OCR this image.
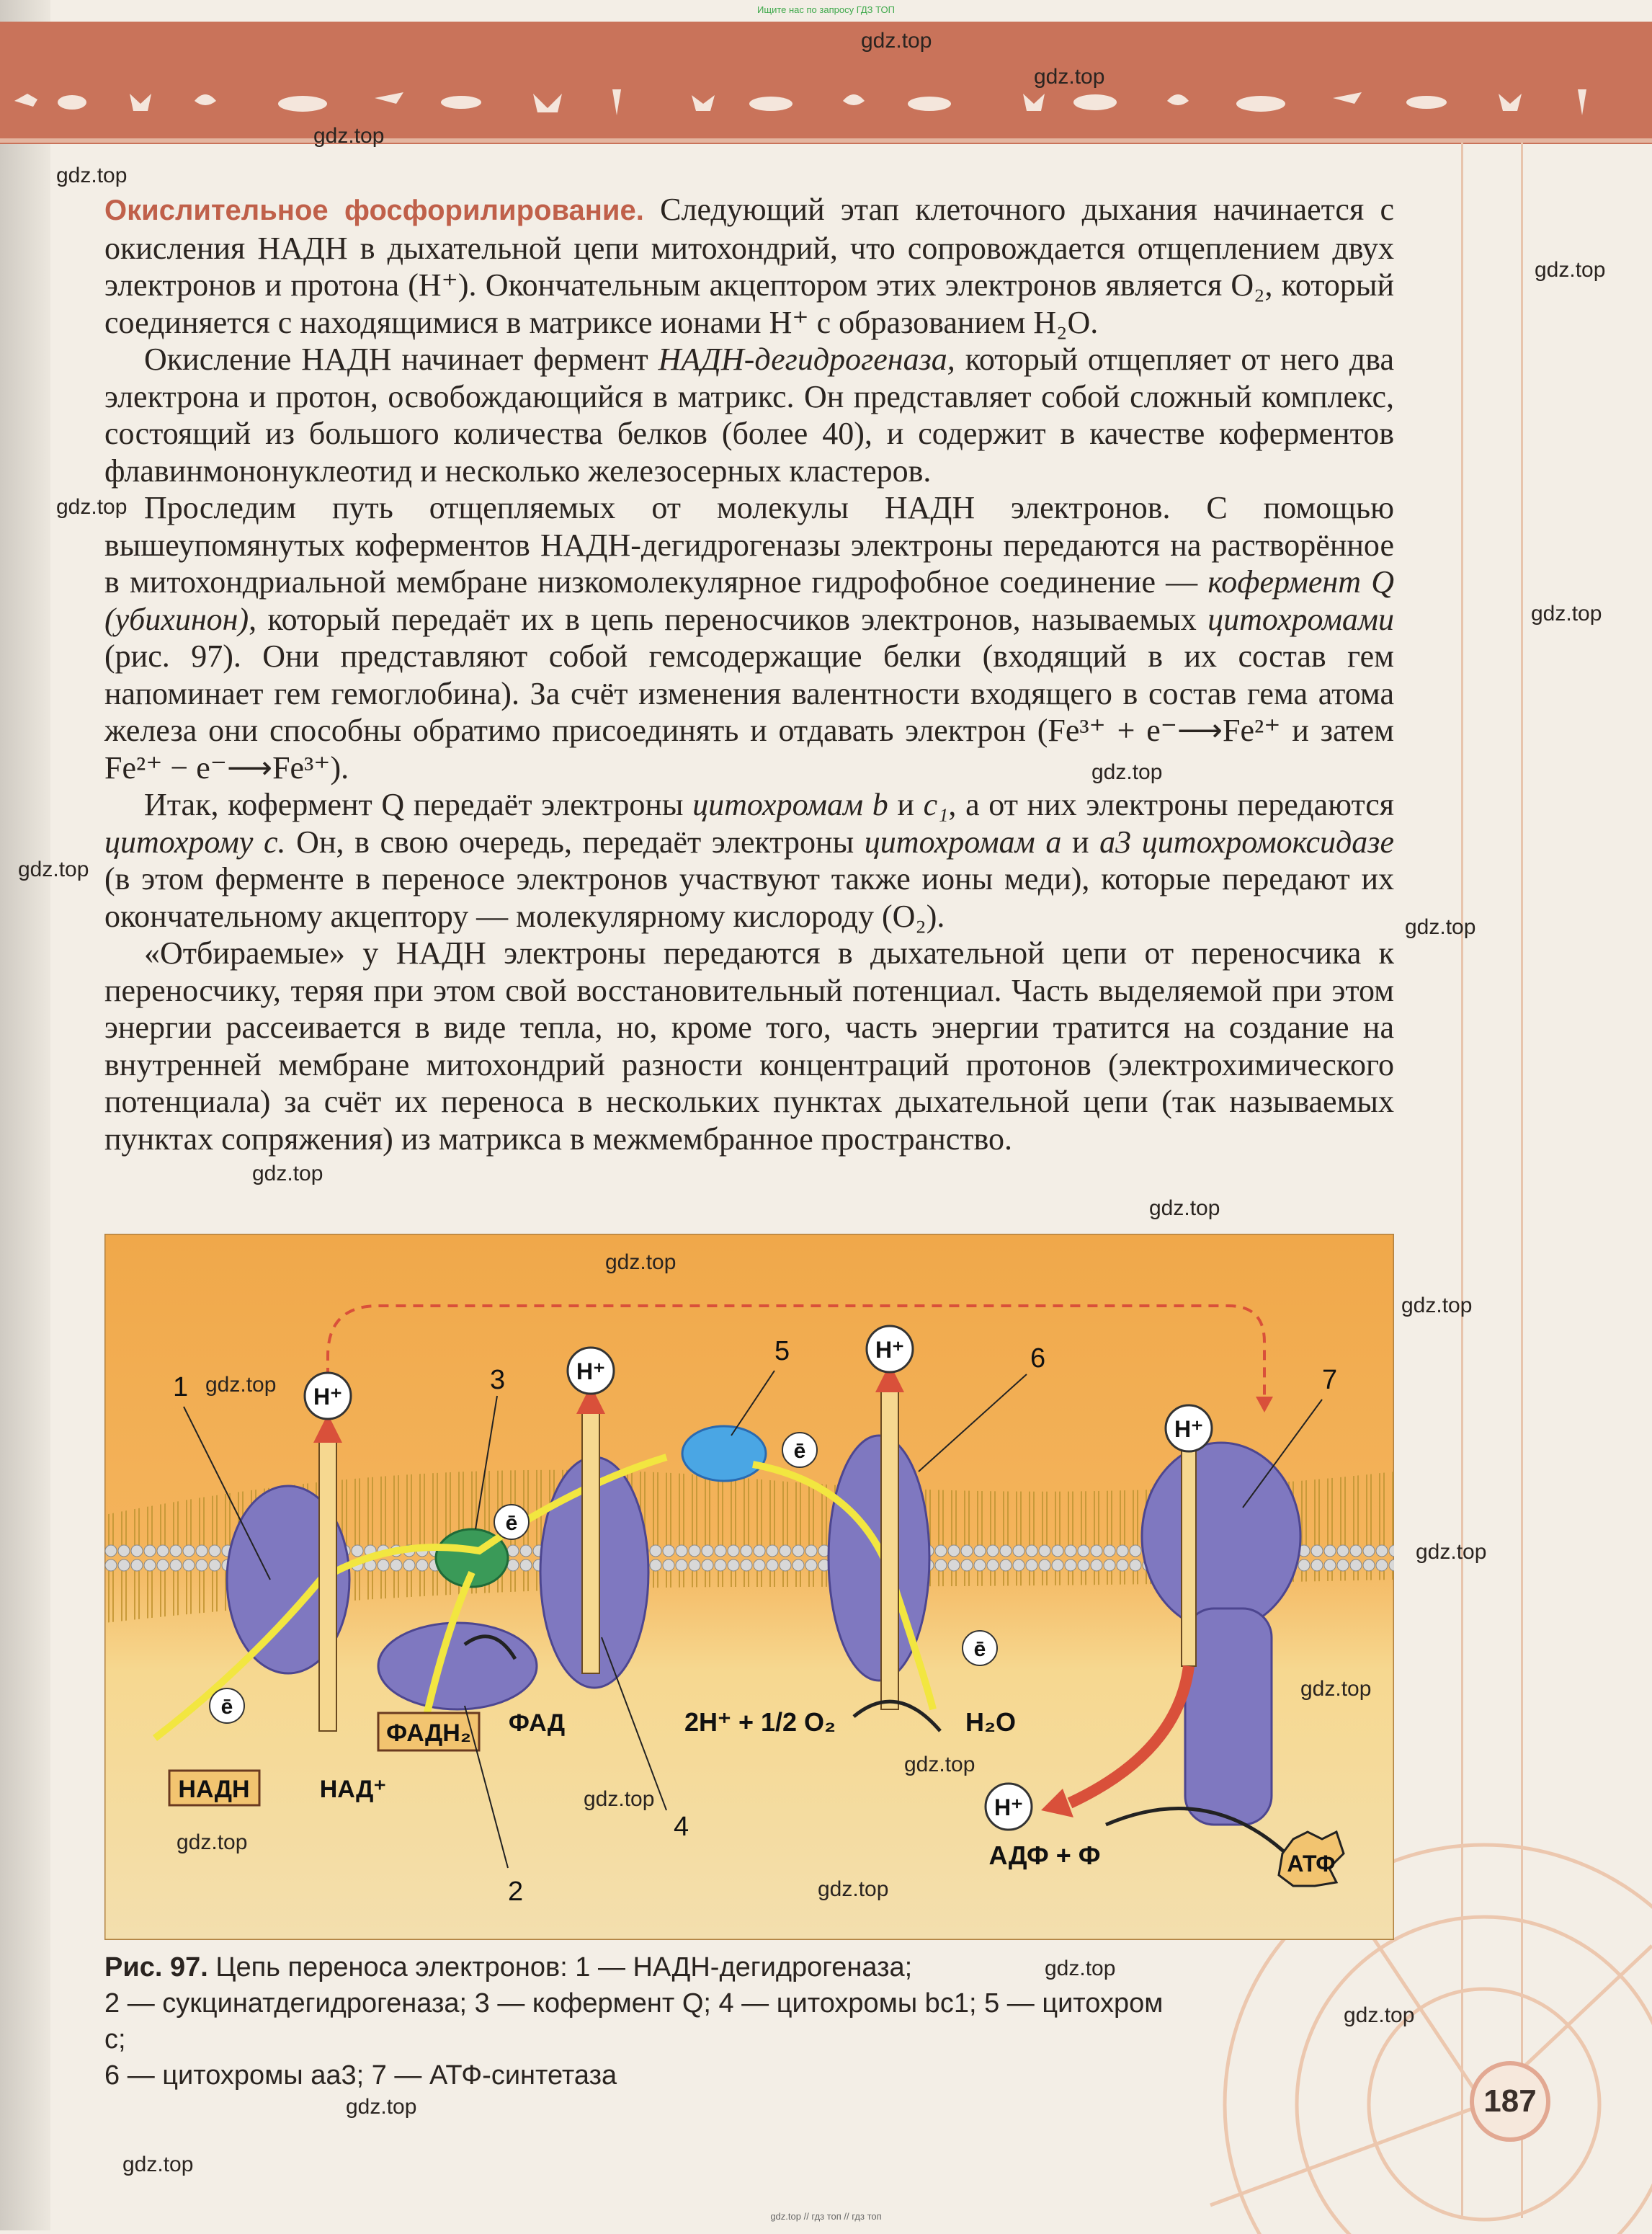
Ищите нас по запросу ГДЗ ТОП

Окислительное фосфорилирование. Следующий этап клеточного дыхания начинается с окисления НАДН в дыхательной цепи митохондрий, что сопровождается отщеплением двух электронов и протона (H⁺). Окончательным акцептором этих электронов является O₂, который соединяется с находящимися в матриксе ионами H⁺ с образованием H₂O.

Окисление НАДН начинает фермент НАДН-дегидрогеназа, который отщепляет от него два электрона и протон, освобождающийся в матрикс. Он представляет собой сложный комплекс, состоящий из большого количества белков (более 40), и содержит в качестве коферментов флавинмононуклеотид и несколько железосерных кластеров.

Проследим путь отщепляемых от молекулы НАДН электронов. С помощью вышеупомянутых коферментов НАДН-дегидрогеназы электроны передаются на растворённое в митохондриальной мембране низкомолекулярное гидрофобное соединение — кофермент Q (убихинон), который передаёт их в цепь переносчиков электронов, называемых цитохромами (рис. 97). Они представляют собой гемсодержащие белки (входящий в их состав гем напоминает гем гемоглобина). За счёт изменения валентности входящего в состав гема атома железа они способны обратимо присоединять и отдавать электрон (Fe³⁺ + e⁻⟶Fe²⁺ и затем Fe²⁺ − e⁻⟶Fe³⁺).

Итак, кофермент Q передаёт электроны цитохромам b и c₁, а от них электроны передаются цитохрому c. Он, в свою очередь, передаёт электроны цитохромам a и a3 цитохромоксидазе (в этом ферменте в переносе электронов участвуют также ионы меди), которые передают их окончательному акцептору — молекулярному кислороду (O₂).

«Отбираемые» у НАДН электроны передаются в дыхательной цепи от переносчика к переносчику, теряя при этом свой восстановительный потенциал. Часть выделяемой при этом энергии рассеивается в виде тепла, но, кроме того, часть энергии тратится на создание на внутренней мембране митохондрий разности концентраций протонов (электрохимического потенциала) за счёт их переноса в нескольких пунктах дыхательной цепи (так называемых пунктах сопряжения) из матрикса в межмембранное пространство.

H⁺
H⁺
H⁺
H⁺
H⁺
ē
ē
ē
ē
НАДН	НАД⁺
ФАДН₂ ФАД	2H⁺ + 1/2 O₂	H₂O
АДФ + Ф	АТФ
1
2
3
4
5	6
7
Рис. 97. Цепь переноса электронов: 1 — НАДН-дегидрогеназа;
2 — сукцинатдегидрогеназа; 3 — кофермент Q; 4 — цитохромы bc1; 5 — цитохром c;
6 — цитохромы aa3; 7 — АТФ-синтетаза
187
gdz.top
gdz.top
gdz.top
gdz.top
gdz.top
gdz.top
gdz.top
gdz.top
gdz.top
gdz.top
gdz.top
gdz.top
gdz.top
gdz.top
gdz.top
gdz.top
gdz.top
gdz.top
gdz.top
gdz.top
gdz.top
gdz.top
gdz.top
gdz.top
gdz.top
gdz.top // гдз топ // гдз топ
